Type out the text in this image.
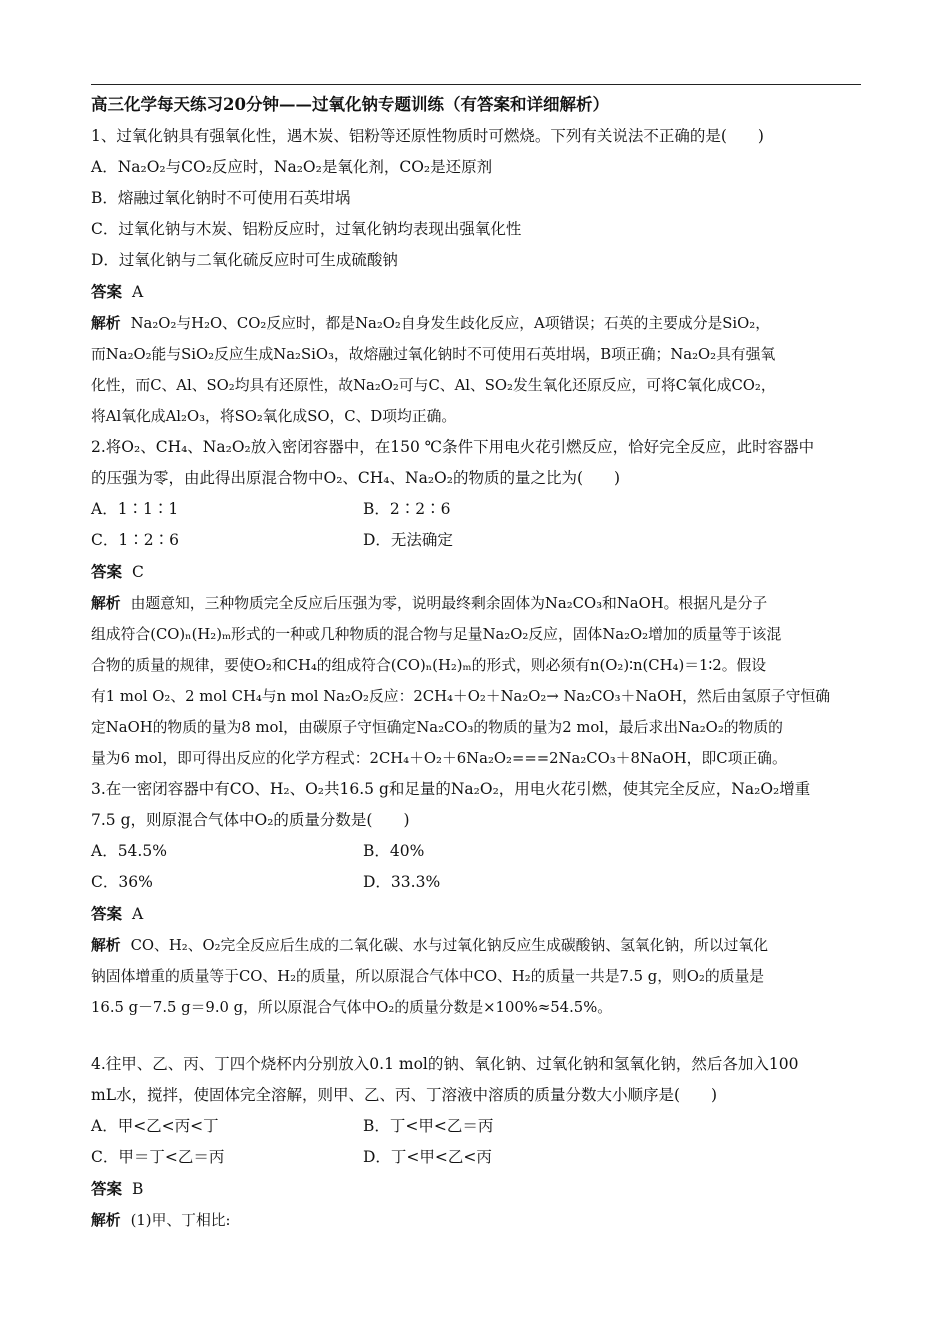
高三化学每天练习20分钟——过氧化钠专题训练（有答案和详细解析）
1、过氧化钠具有强氧化性，遇木炭、铝粉等还原性物质时可燃烧。下列有关说法不正确的是(　　)
A．Na₂O₂与CO₂反应时，Na₂O₂是氧化剂，CO₂是还原剂
B．熔融过氧化钠时不可使用石英坩埚
C．过氧化钠与木炭、铝粉反应时，过氧化钠均表现出强氧化性
D．过氧化钠与二氧化硫反应时可生成硫酸钠
答案 A
解析 Na₂O₂与H₂O、CO₂反应时，都是Na₂O₂自身发生歧化反应，A项错误；石英的主要成分是SiO₂，
而Na₂O₂能与SiO₂反应生成Na₂SiO₃，故熔融过氧化钠时不可使用石英坩埚，B项正确；Na₂O₂具有强氧
化性，而C、Al、SO₂均具有还原性，故Na₂O₂可与C、Al、SO₂发生氧化还原反应，可将C氧化成CO₂，
将Al氧化成Al₂O₃，将SO₂氧化成SO，C、D项均正确。
2.将O₂、CH₄、Na₂O₂放入密闭容器中，在150 ℃条件下用电火花引燃反应，恰好完全反应，此时容器中
的压强为零，由此得出原混合物中O₂、CH₄、Na₂O₂的物质的量之比为(　　)
A．1∶1∶1	B．2∶2∶6
C．1∶2∶6	D．无法确定
答案 C
解析 由题意知，三种物质完全反应后压强为零，说明最终剩余固体为Na₂CO₃和NaOH。根据凡是分子
组成符合(CO)ₙ(H₂)ₘ形式的一种或几种物质的混合物与足量Na₂O₂反应，固体Na₂O₂增加的质量等于该混
合物的质量的规律，要使O₂和CH₄的组成符合(CO)ₙ(H₂)ₘ的形式，则必须有n(O₂)∶n(CH₄)＝1∶2。假设
有1 mol O₂、2 mol CH₄与n mol Na₂O₂反应：2CH₄＋O₂＋Na₂O₂→ Na₂CO₃＋NaOH，然后由氢原子守恒确
定NaOH的物质的量为8 mol，由碳原子守恒确定Na₂CO₃的物质的量为2 mol，最后求出Na₂O₂的物质的
量为6 mol，即可得出反应的化学方程式：2CH₄＋O₂＋6Na₂O₂===2Na₂CO₃＋8NaOH，即C项正确。
3.在一密闭容器中有CO、H₂、O₂共16.5 g和足量的Na₂O₂，用电火花引燃，使其完全反应，Na₂O₂增重
7.5 g，则原混合气体中O₂的质量分数是(　　)
A．54.5%	B．40%
C．36%	D．33.3%
答案 A
解析 CO、H₂、O₂完全反应后生成的二氧化碳、水与过氧化钠反应生成碳酸钠、氢氧化钠，所以过氧化
钠固体增重的质量等于CO、H₂的质量，所以原混合气体中CO、H₂的质量一共是7.5 g，则O₂的质量是
16.5 g－7.5 g＝9.0 g，所以原混合气体中O₂的质量分数是×100%≈54.5%。
4.往甲、乙、丙、丁四个烧杯内分别放入0.1 mol的钠、氧化钠、过氧化钠和氢氧化钠，然后各加入100
mL水，搅拌，使固体完全溶解，则甲、乙、丙、丁溶液中溶质的质量分数大小顺序是(　　)
A．甲<乙<丙<丁	B．丁<甲<乙＝丙
C．甲＝丁<乙＝丙	D．丁<甲<乙<丙
答案 B
解析 (1)甲、丁相比:
